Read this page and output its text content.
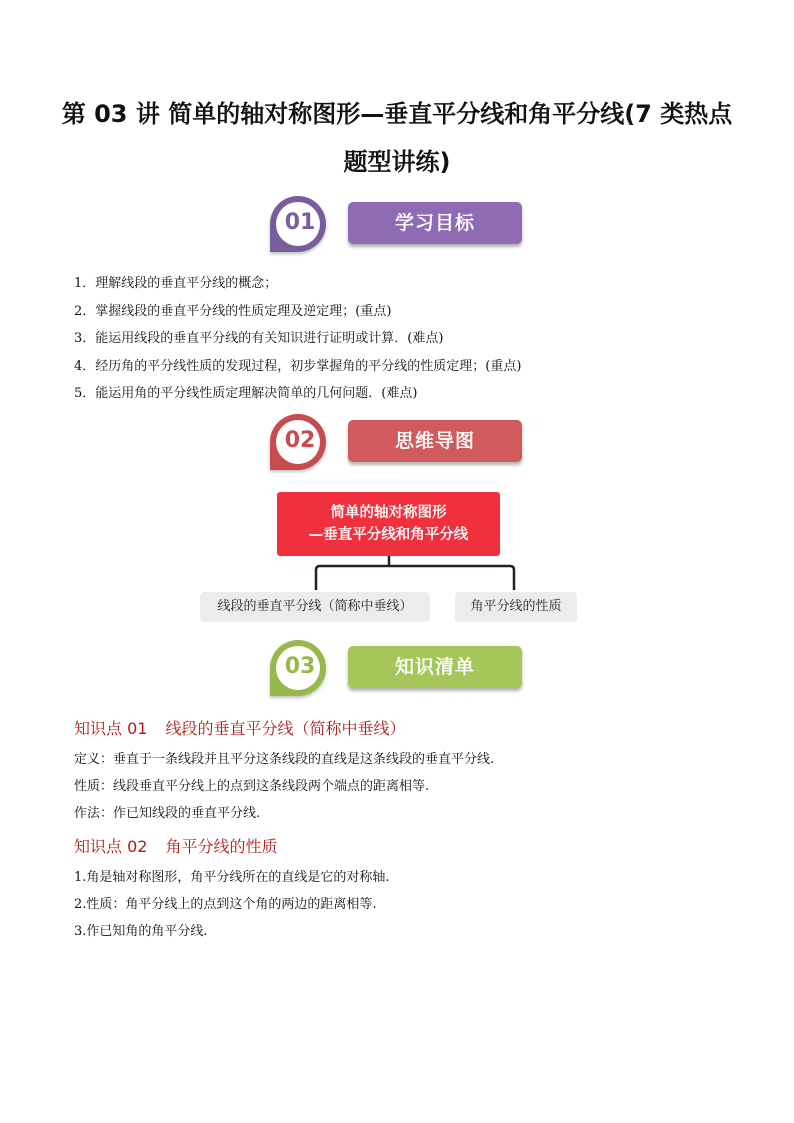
第 03 讲 简单的轴对称图形—垂直平分线和角平分线(7 类热点
题型讲练)
01	学习目标
1．理解线段的垂直平分线的概念；
2．掌握线段的垂直平分线的性质定理及逆定理；(重点)
3．能运用线段的垂直平分线的有关知识进行证明或计算．(难点)
4．经历角的平分线性质的发现过程，初步掌握角的平分线的性质定理；(重点)
5．能运用角的平分线性质定理解决简单的几何问题．(难点)
02	思维导图
简单的轴对称图形
—垂直平分线和角平分线
线段的垂直平分线（简称中垂线）	角平分线的性质
03	知识清单
知识点 01 线段的垂直平分线（简称中垂线）
定义：垂直于一条线段并且平分这条线段的直线是这条线段的垂直平分线.
性质：线段垂直平分线上的点到这条线段两个端点的距离相等.
作法：作已知线段的垂直平分线.
知识点 02 角平分线的性质
1.角是轴对称图形，角平分线所在的直线是它的对称轴.
2.性质：角平分线上的点到这个角的两边的距离相等.
3.作已知角的角平分线.
